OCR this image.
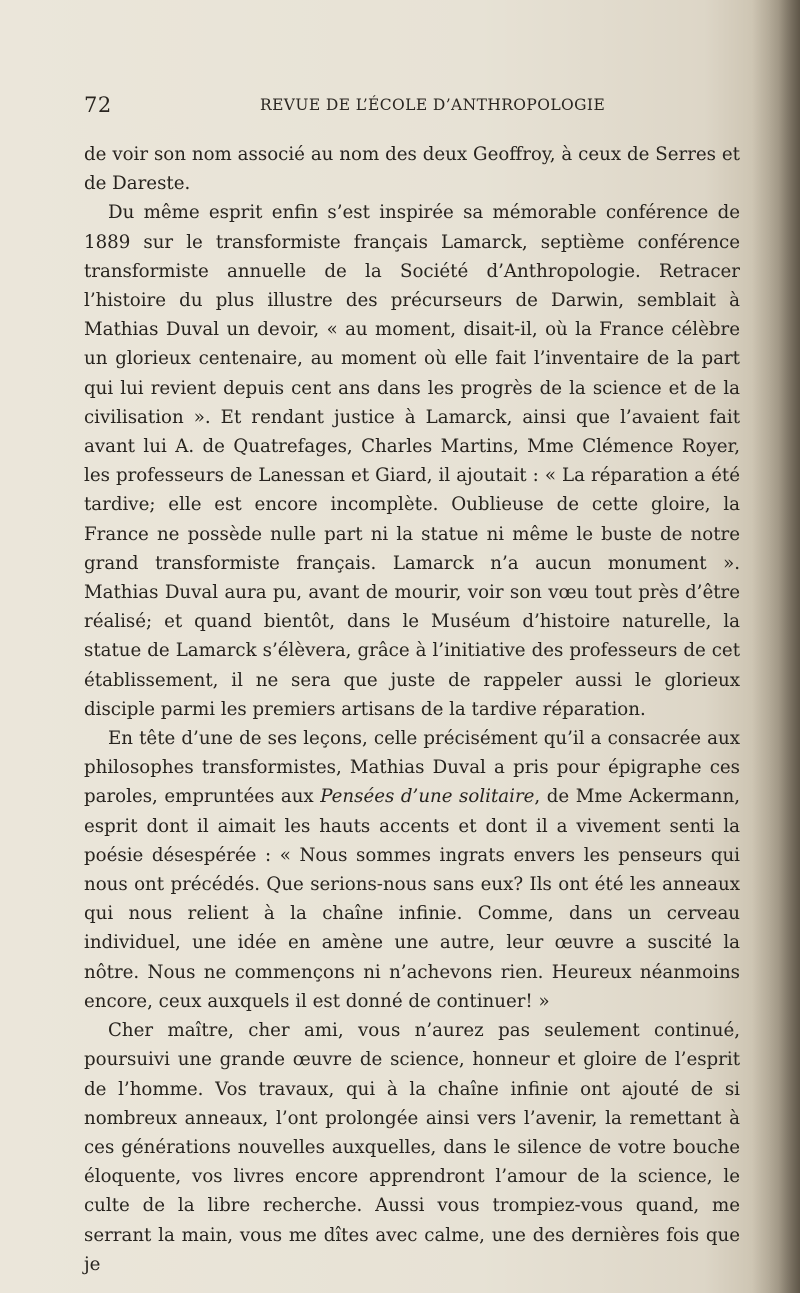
72	REVUE DE L’ÉCOLE D’ANTHROPOLOGIE

de voir son nom associé au nom des deux Geoffroy, à ceux de Serres et de Dareste.

Du même esprit enfin s’est inspirée sa mémorable conférence de 1889 sur le transformiste français Lamarck, septième conférence transformiste annuelle de la Société d’Anthropologie. Retracer l’histoire du plus illustre des précurseurs de Darwin, semblait à Mathias Duval un devoir, « au moment, disait-il, où la France célèbre un glorieux centenaire, au moment où elle fait l’inventaire de la part qui lui revient depuis cent ans dans les progrès de la science et de la civilisation ». Et rendant justice à Lamarck, ainsi que l’avaient fait avant lui A. de Quatrefages, Charles Martins, Mme Clémence Royer, les professeurs de Lanessan et Giard, il ajoutait : « La réparation a été tardive; elle est encore incomplète. Oublieuse de cette gloire, la France ne possède nulle part ni la statue ni même le buste de notre grand transformiste français. Lamarck n’a aucun monument ». Mathias Duval aura pu, avant de mourir, voir son vœu tout près d’être réalisé; et quand bientôt, dans le Muséum d’histoire naturelle, la statue de Lamarck s’élèvera, grâce à l’initiative des professeurs de cet établissement, il ne sera que juste de rappeler aussi le glorieux disciple parmi les premiers artisans de la tardive réparation.

En tête d’une de ses leçons, celle précisément qu’il a consacrée aux philosophes transformistes, Mathias Duval a pris pour épigraphe ces paroles, empruntées aux Pensées d’une solitaire, de Mme Ackermann, esprit dont il aimait les hauts accents et dont il a vivement senti la poésie désespérée : « Nous sommes ingrats envers les penseurs qui nous ont précédés. Que serions-nous sans eux? Ils ont été les anneaux qui nous relient à la chaîne infinie. Comme, dans un cerveau individuel, une idée en amène une autre, leur œuvre a suscité la nôtre. Nous ne commençons ni n’achevons rien. Heureux néanmoins encore, ceux auxquels il est donné de continuer! »

Cher maître, cher ami, vous n’aurez pas seulement continué, poursuivi une grande œuvre de science, honneur et gloire de l’esprit de l’homme. Vos travaux, qui à la chaîne infinie ont ajouté de si nombreux anneaux, l’ont prolongée ainsi vers l’avenir, la remettant à ces générations nouvelles auxquelles, dans le silence de votre bouche éloquente, vos livres encore apprendront l’amour de la science, le culte de la libre recherche. Aussi vous trompiez-vous quand, me serrant la main, vous me dîtes avec calme, une des dernières fois que je
